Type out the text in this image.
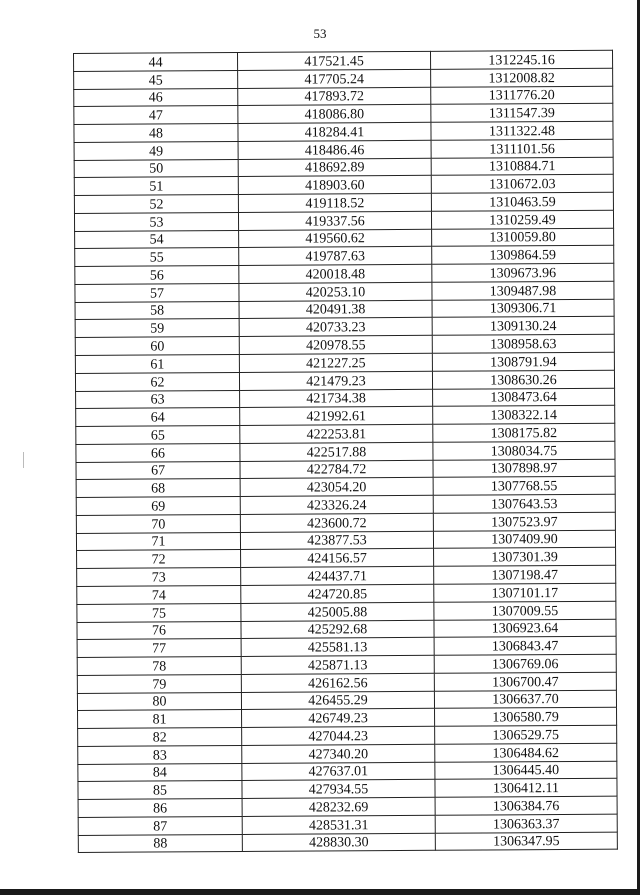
53
44	417521.45	1312245.16
45	417705.24	1312008.82
46	417893.72	1311776.20
47	418086.80	1311547.39
48	418284.41	1311322.48
49	418486.46	1311101.56
50	418692.89	1310884.71
51	418903.60	1310672.03
52	419118.52	1310463.59
53	419337.56	1310259.49
54	419560.62	1310059.80
55	419787.63	1309864.59
56	420018.48	1309673.96
57	420253.10	1309487.98
58	420491.38	1309306.71
59	420733.23	1309130.24
60	420978.55	1308958.63
61	421227.25	1308791.94
62	421479.23	1308630.26
63	421734.38	1308473.64
64	421992.61	1308322.14
65	422253.81	1308175.82
66	422517.88	1308034.75
67	422784.72	1307898.97
68	423054.20	1307768.55
69	423326.24	1307643.53
70	423600.72	1307523.97
71	423877.53	1307409.90
72	424156.57	1307301.39
73	424437.71	1307198.47
74	424720.85	1307101.17
75	425005.88	1307009.55
76	425292.68	1306923.64
77	425581.13	1306843.47
78	425871.13	1306769.06
79	426162.56	1306700.47
80	426455.29	1306637.70
81	426749.23	1306580.79
82	427044.23	1306529.75
83	427340.20	1306484.62
84	427637.01	1306445.40
85	427934.55	1306412.11
86	428232.69	1306384.76
87	428531.31	1306363.37
88	428830.30	1306347.95
